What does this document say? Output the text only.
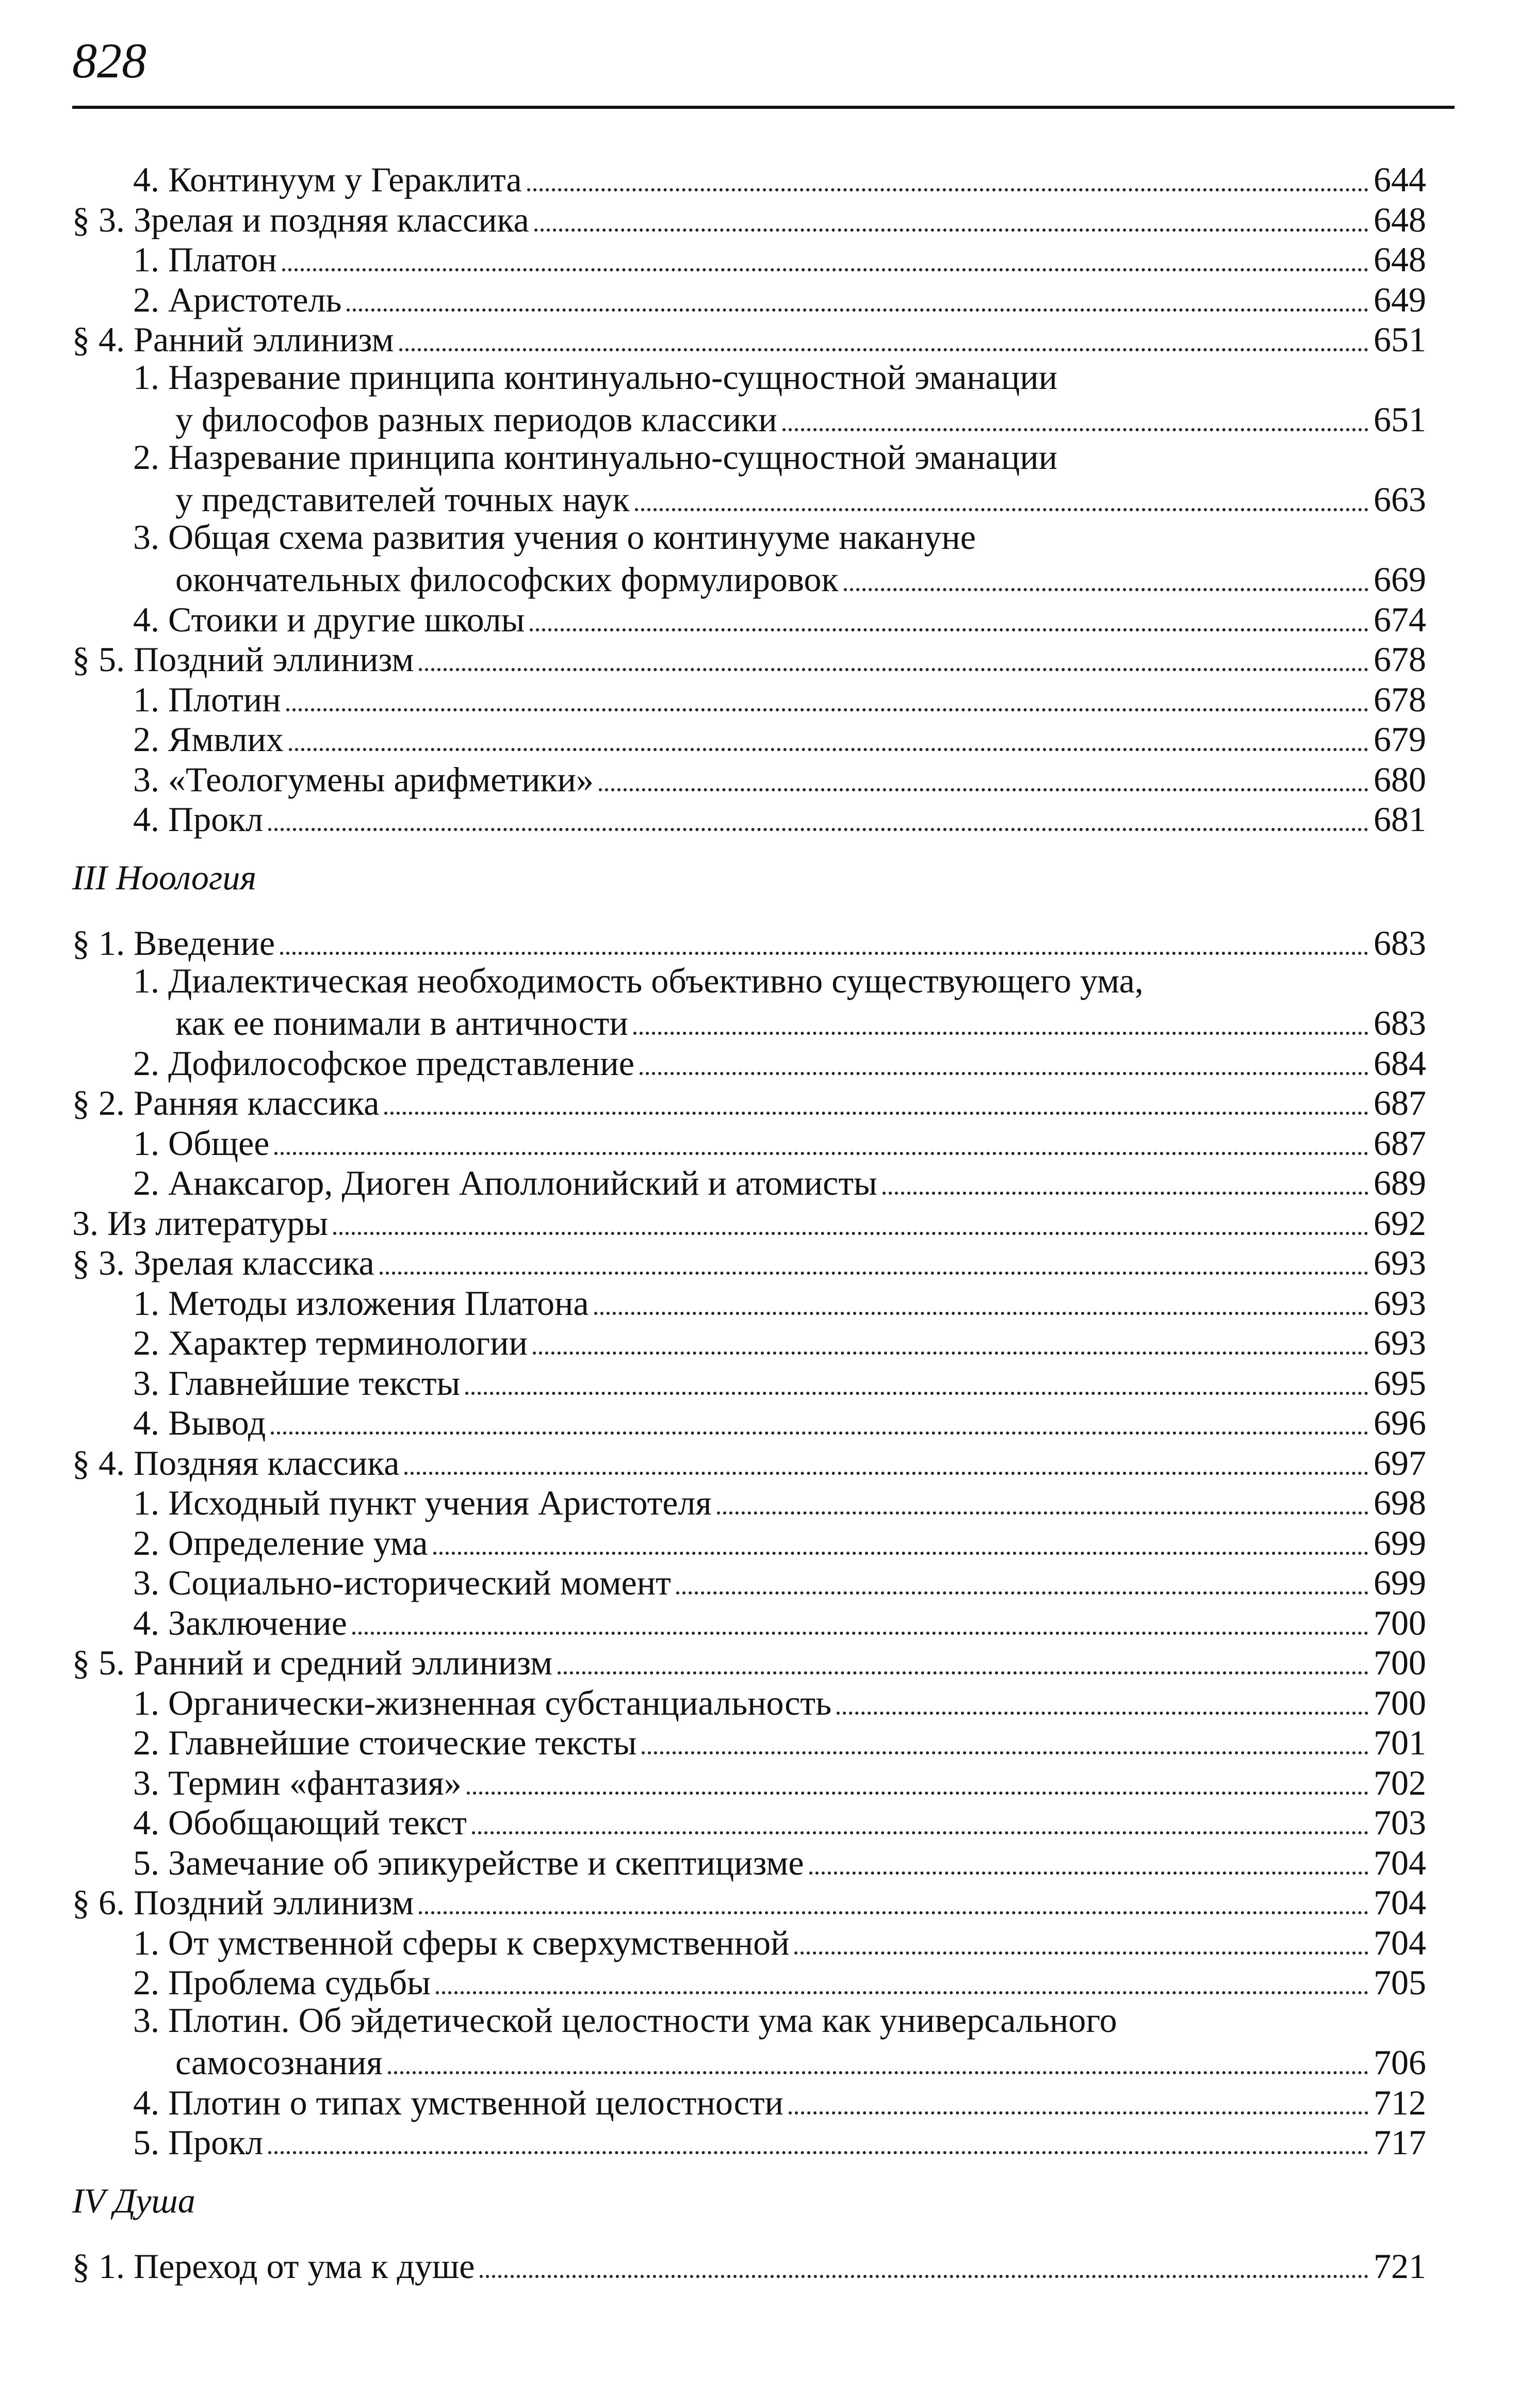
828
4. Континуум у Гераклита	644
§ 3. Зрелая и поздняя классика	648
1. Платон	648
2. Аристотель	649
§ 4. Ранний эллинизм	651
1. Назревание принципа континуально-сущностной эманации
у философов разных периодов классики	651
2. Назревание принципа континуально-сущностной эманации
у представителей точных наук	663
3. Общая схема развития учения о континууме накануне
окончательных философских формулировок	669
4. Стоики и другие школы	674
§ 5. Поздний эллинизм	678
1. Плотин	678
2. Ямвлих	679
3. «Теологумены арифметики»	680
4. Прокл	681
III Ноология
§ 1. Введение	683
1. Диалектическая необходимость объективно существующего ума,
как ее понимали в античности	683
2. Дофилософское представление	684
§ 2. Ранняя классика	687
1. Общее	687
2. Анаксагор, Диоген Аполлонийский и атомисты	689
3. Из литературы	692
§ 3. Зрелая классика	693
1. Методы изложения Платона	693
2. Характер терминологии	693
3. Главнейшие тексты	695
4. Вывод	696
§ 4. Поздняя классика	697
1. Исходный пункт учения Аристотеля	698
2. Определение ума	699
3. Социально-исторический момент	699
4. Заключение	700
§ 5. Ранний и средний эллинизм	700
1. Органически-жизненная субстанциальность	700
2. Главнейшие стоические тексты	701
3. Термин «фантазия»	702
4. Обобщающий текст	703
5. Замечание об эпикурействе и скептицизме	704
§ 6. Поздний эллинизм	704
1. От умственной сферы к сверхумственной	704
2. Проблема судьбы	705
3. Плотин. Об эйдетической целостности ума как универсального
самосознания	706
4. Плотин о типах умственной целостности	712
5. Прокл	717
IV Душа
§ 1. Переход от ума к душе	721
